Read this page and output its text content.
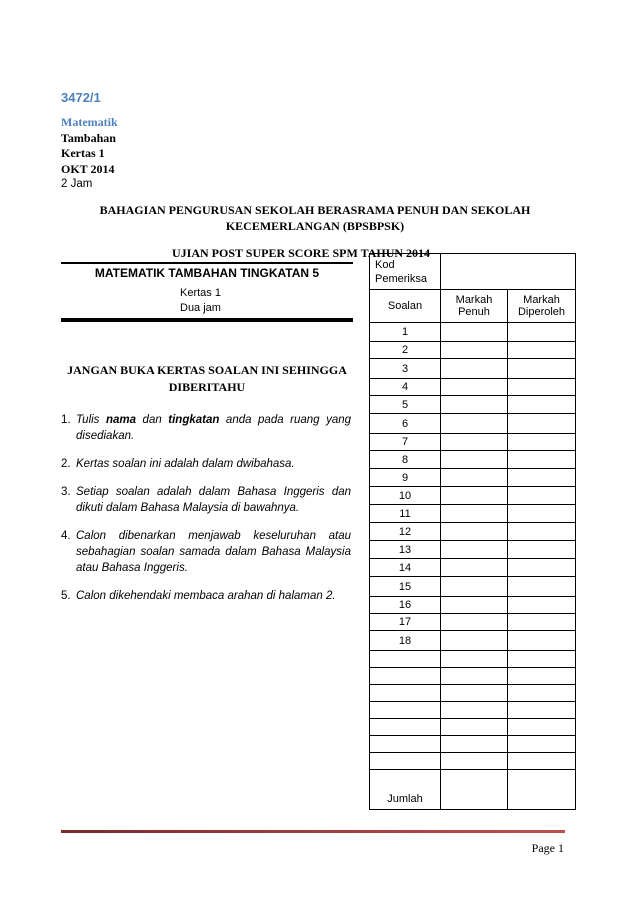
3472/1
Matematik
Tambahan
Kertas 1
OKT 2014
2 Jam
BAHAGIAN PENGURUSAN SEKOLAH BERASRAMA PENUH DAN SEKOLAH
KECEMERLANGAN (BPSBPSK)
UJIAN POST SUPER SCORE SPM TAHUN 2014
MATEMATIK TAMBAHAN TINGKATAN 5
Kertas 1
Dua jam
JANGAN BUKA KERTAS SOALAN INI SEHINGGA
DIBERITAHU
1. Tulis nama dan tingkatan anda pada ruang yang disediakan.
2. Kertas soalan ini adalah dalam dwibahasa.
3. Setiap soalan adalah dalam Bahasa Inggeris dan dikuti dalam Bahasa Malaysia di bawahnya.
4. Calon dibenarkan menjawab keseluruhan atau sebahagian soalan samada dalam Bahasa Malaysia atau Bahasa Inggeris.
5. Calon dikehendaki membaca arahan di halaman 2.
Kod Pemeriksa		
Soalan	Markah Penuh	Markah Diperoleh
1		
2		
3		
4		
5		
6		
7		
8		
9		
10		
11		
12		
13		
14		
15		
16		
17		
18		

Jumlah		
Page 1
